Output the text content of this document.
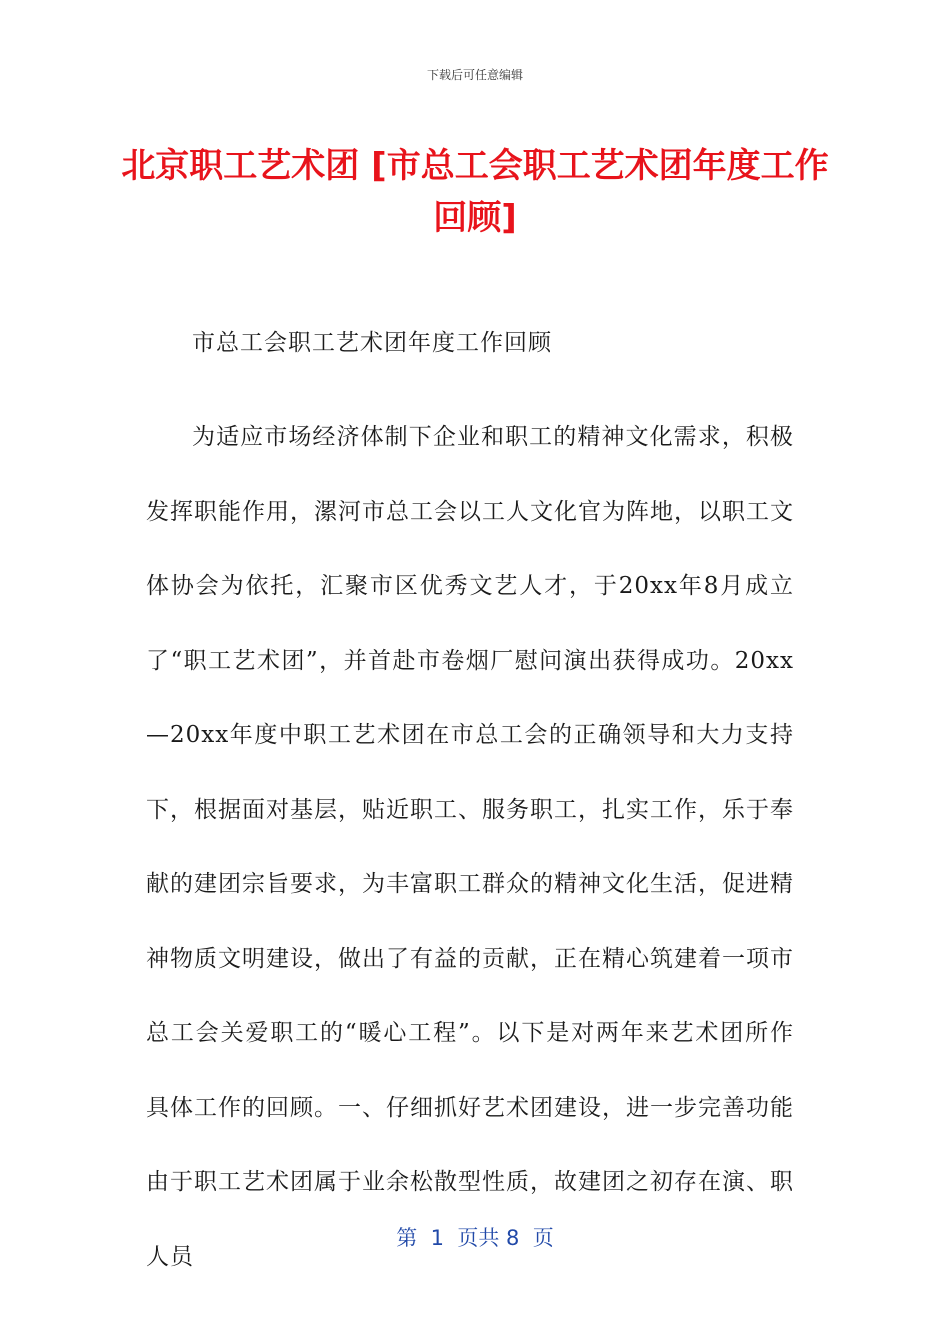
下载后可任意编辑
北京职工艺术团 [市总工会职工艺术团年度工作回顾]
市总工会职工艺术团年度工作回顾

为适应市场经济体制下企业和职工的精神文化需求，积极发挥职能作用，漯河市总工会以工人文化官为阵地，以职工文体协会为依托，汇聚市区优秀文艺人才，于20xx年8月成立了“职工艺术团”，并首赴市卷烟厂慰问演出获得成功。20xx—20xx年度中职工艺术团在市总工会的正确领导和大力支持下，根据面对基层，贴近职工、服务职工，扎实工作，乐于奉献的建团宗旨要求，为丰富职工群众的精神文化生活，促进精神物质文明建设，做出了有益的贡献，正在精心筑建着一项市总工会关爱职工的“暖心工程”。以下是对两年来艺术团所作具体工作的回顾。一、仔细抓好艺术团建设，进一步完善功能由于职工艺术团属于业余松散型性质，故建团之初存在演、职人员

第  1  页共 8  页
